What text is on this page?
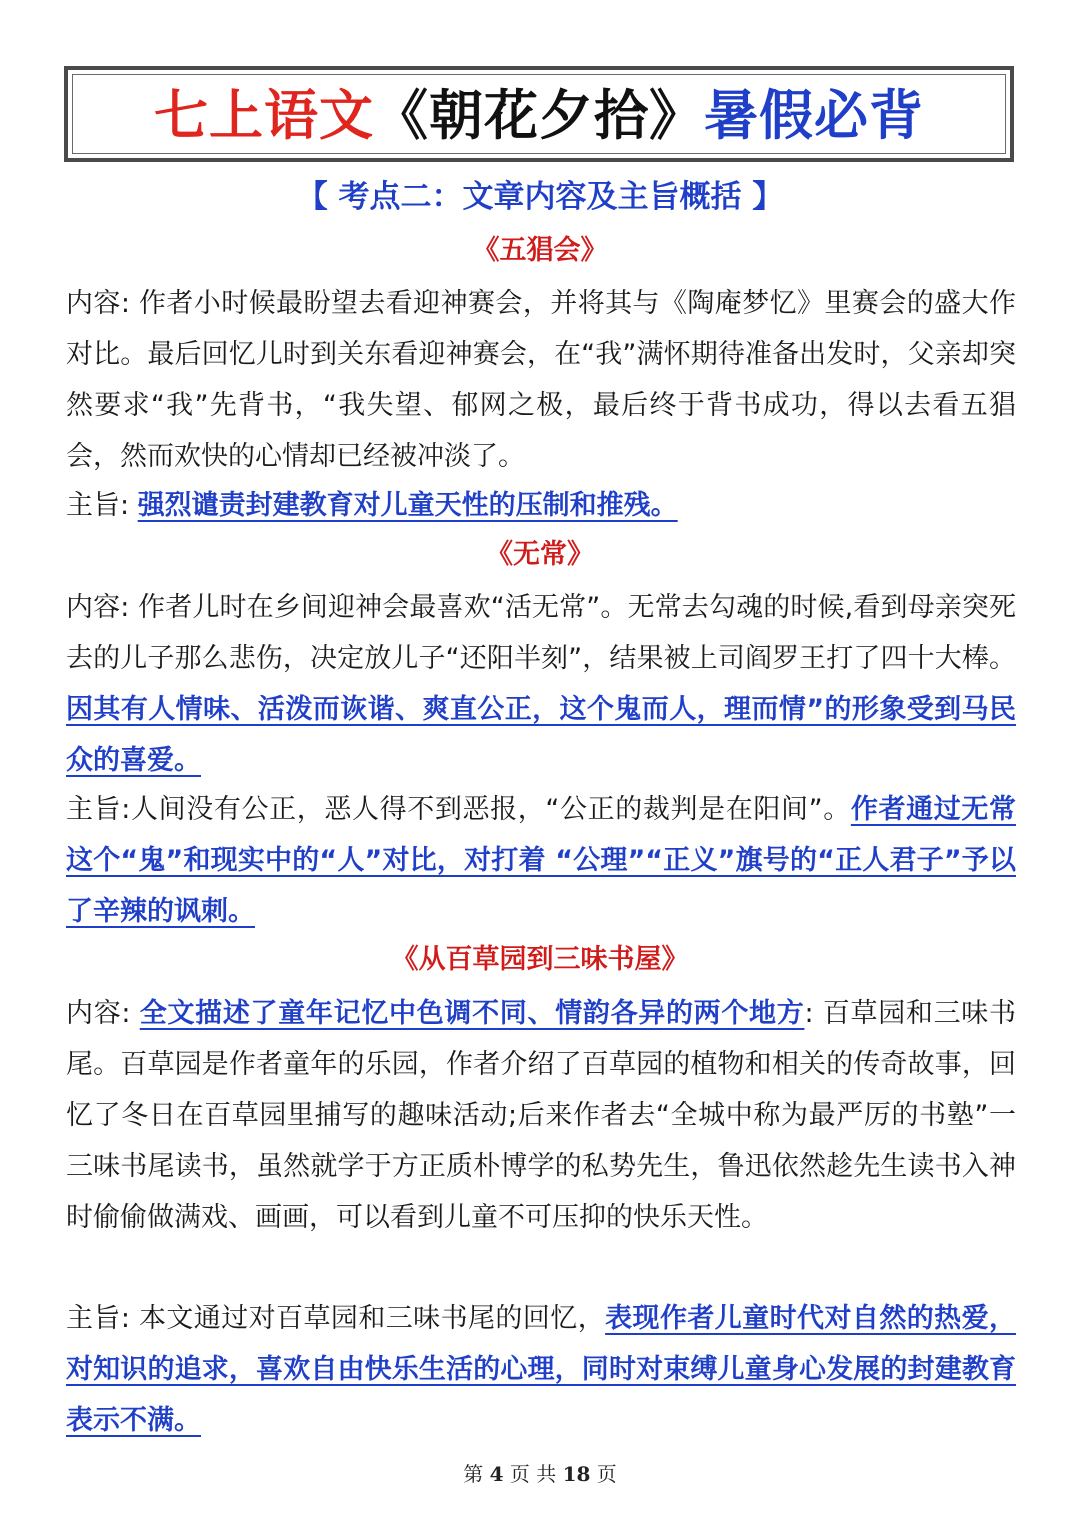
七上语文《朝花夕拾》暑假必背
【 考点二：文章内容及主旨概括 】
《五猖会》
内容: 作者小时候最盼望去看迎神赛会，并将其与《陶庵梦忆》里赛会的盛大作对比。最后回忆儿时到关东看迎神赛会，在“我”满怀期待准备出发时，父亲却突然要求“我”先背书，“我失望、郁网之极，最后终于背书成功，得以去看五猖会，然而欢快的心情却已经被冲淡了。
主旨: 强烈谴责封建教育对儿童天性的压制和推残。
《无常》
内容: 作者儿时在乡间迎神会最喜欢“活无常”。无常去勾魂的时候,看到母亲突死去的儿子那么悲伤，决定放儿子“还阳半刻”，结果被上司阎罗王打了四十大棒。因其有人情味、活泼而诙谐、爽直公正，这个鬼而人，理而情”的形象受到马民众的喜爱。
主旨:人间没有公正，恶人得不到恶报，“公正的裁判是在阳间”。作者通过无常这个“鬼”和现实中的“人”对比，对打着 “公理”“正义”旗号的“正人君子”予以了辛辣的讽刺。
《从百草园到三味书屋》
内容: 全文描述了童年记忆中色调不同、情韵各异的两个地方: 百草园和三味书尾。百草园是作者童年的乐园，作者介绍了百草园的植物和相关的传奇故事，回忆了冬日在百草园里捕写的趣味活动;后来作者去“全城中称为最严厉的书塾”一三味书尾读书，虽然就学于方正质朴博学的私势先生，鲁迅依然趁先生读书入神时偷偷做满戏、画画，可以看到儿童不可压抑的快乐天性。
主旨: 本文通过对百草园和三味书尾的回忆，表现作者儿童时代对自然的热爱，对知识的追求，喜欢自由快乐生活的心理，同时对束缚儿童身心发展的封建教育表示不满。
第 4 页 共 18 页
